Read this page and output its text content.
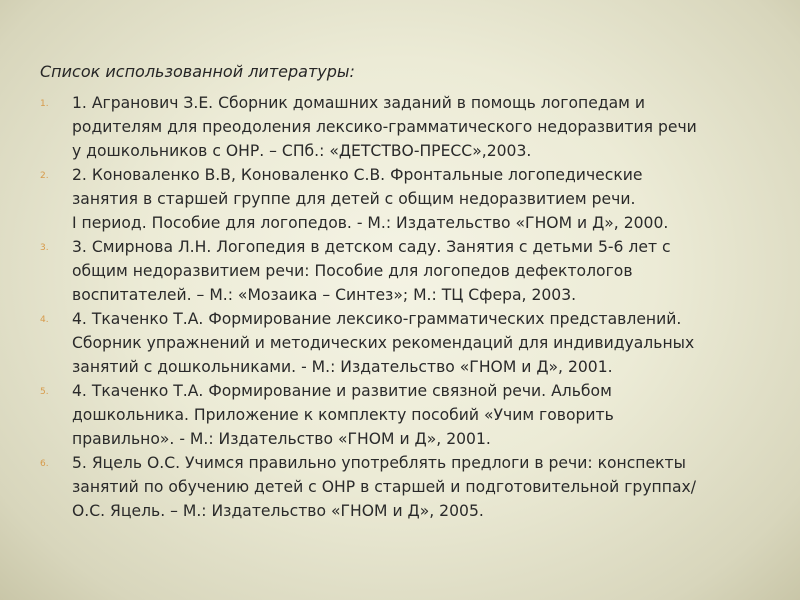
Список использованной литературы:

1. 1. Агранович З.Е. Сборник домашних заданий в помощь логопедам и
родителям для преодоления лексико-грамматического недоразвития речи
у дошкольников с ОНР. – СПб.: «ДЕТСТВО-ПРЕСС»,2003.
2. 2. Коноваленко В.В, Коноваленко С.В. Фронтальные логопедические
занятия в старшей группе для детей с общим недоразвитием речи.
I период. Пособие для логопедов. - М.: Издательство «ГНОМ и Д», 2000.
3. 3. Смирнова Л.Н. Логопедия в детском саду. Занятия с детьми 5-6 лет с
общим недоразвитием речи: Пособие для логопедов дефектологов
воспитателей. – М.: «Мозаика – Синтез»; М.: ТЦ Сфера, 2003.
4. 4. Ткаченко Т.А. Формирование лексико-грамматических представлений.
Сборник упражнений и методических рекомендаций для индивидуальных
занятий с дошкольниками. - М.: Издательство «ГНОМ и Д», 2001.
5. 4. Ткаченко Т.А. Формирование и развитие связной речи. Альбом
дошкольника. Приложение к комплекту пособий «Учим говорить
правильно». - М.: Издательство «ГНОМ и Д», 2001.
6. 5. Яцель О.С. Учимся правильно употреблять предлоги в речи: конспекты
занятий по обучению детей с ОНР в старшей и подготовительной группах/
О.С. Яцель. – М.: Издательство «ГНОМ и Д», 2005.
